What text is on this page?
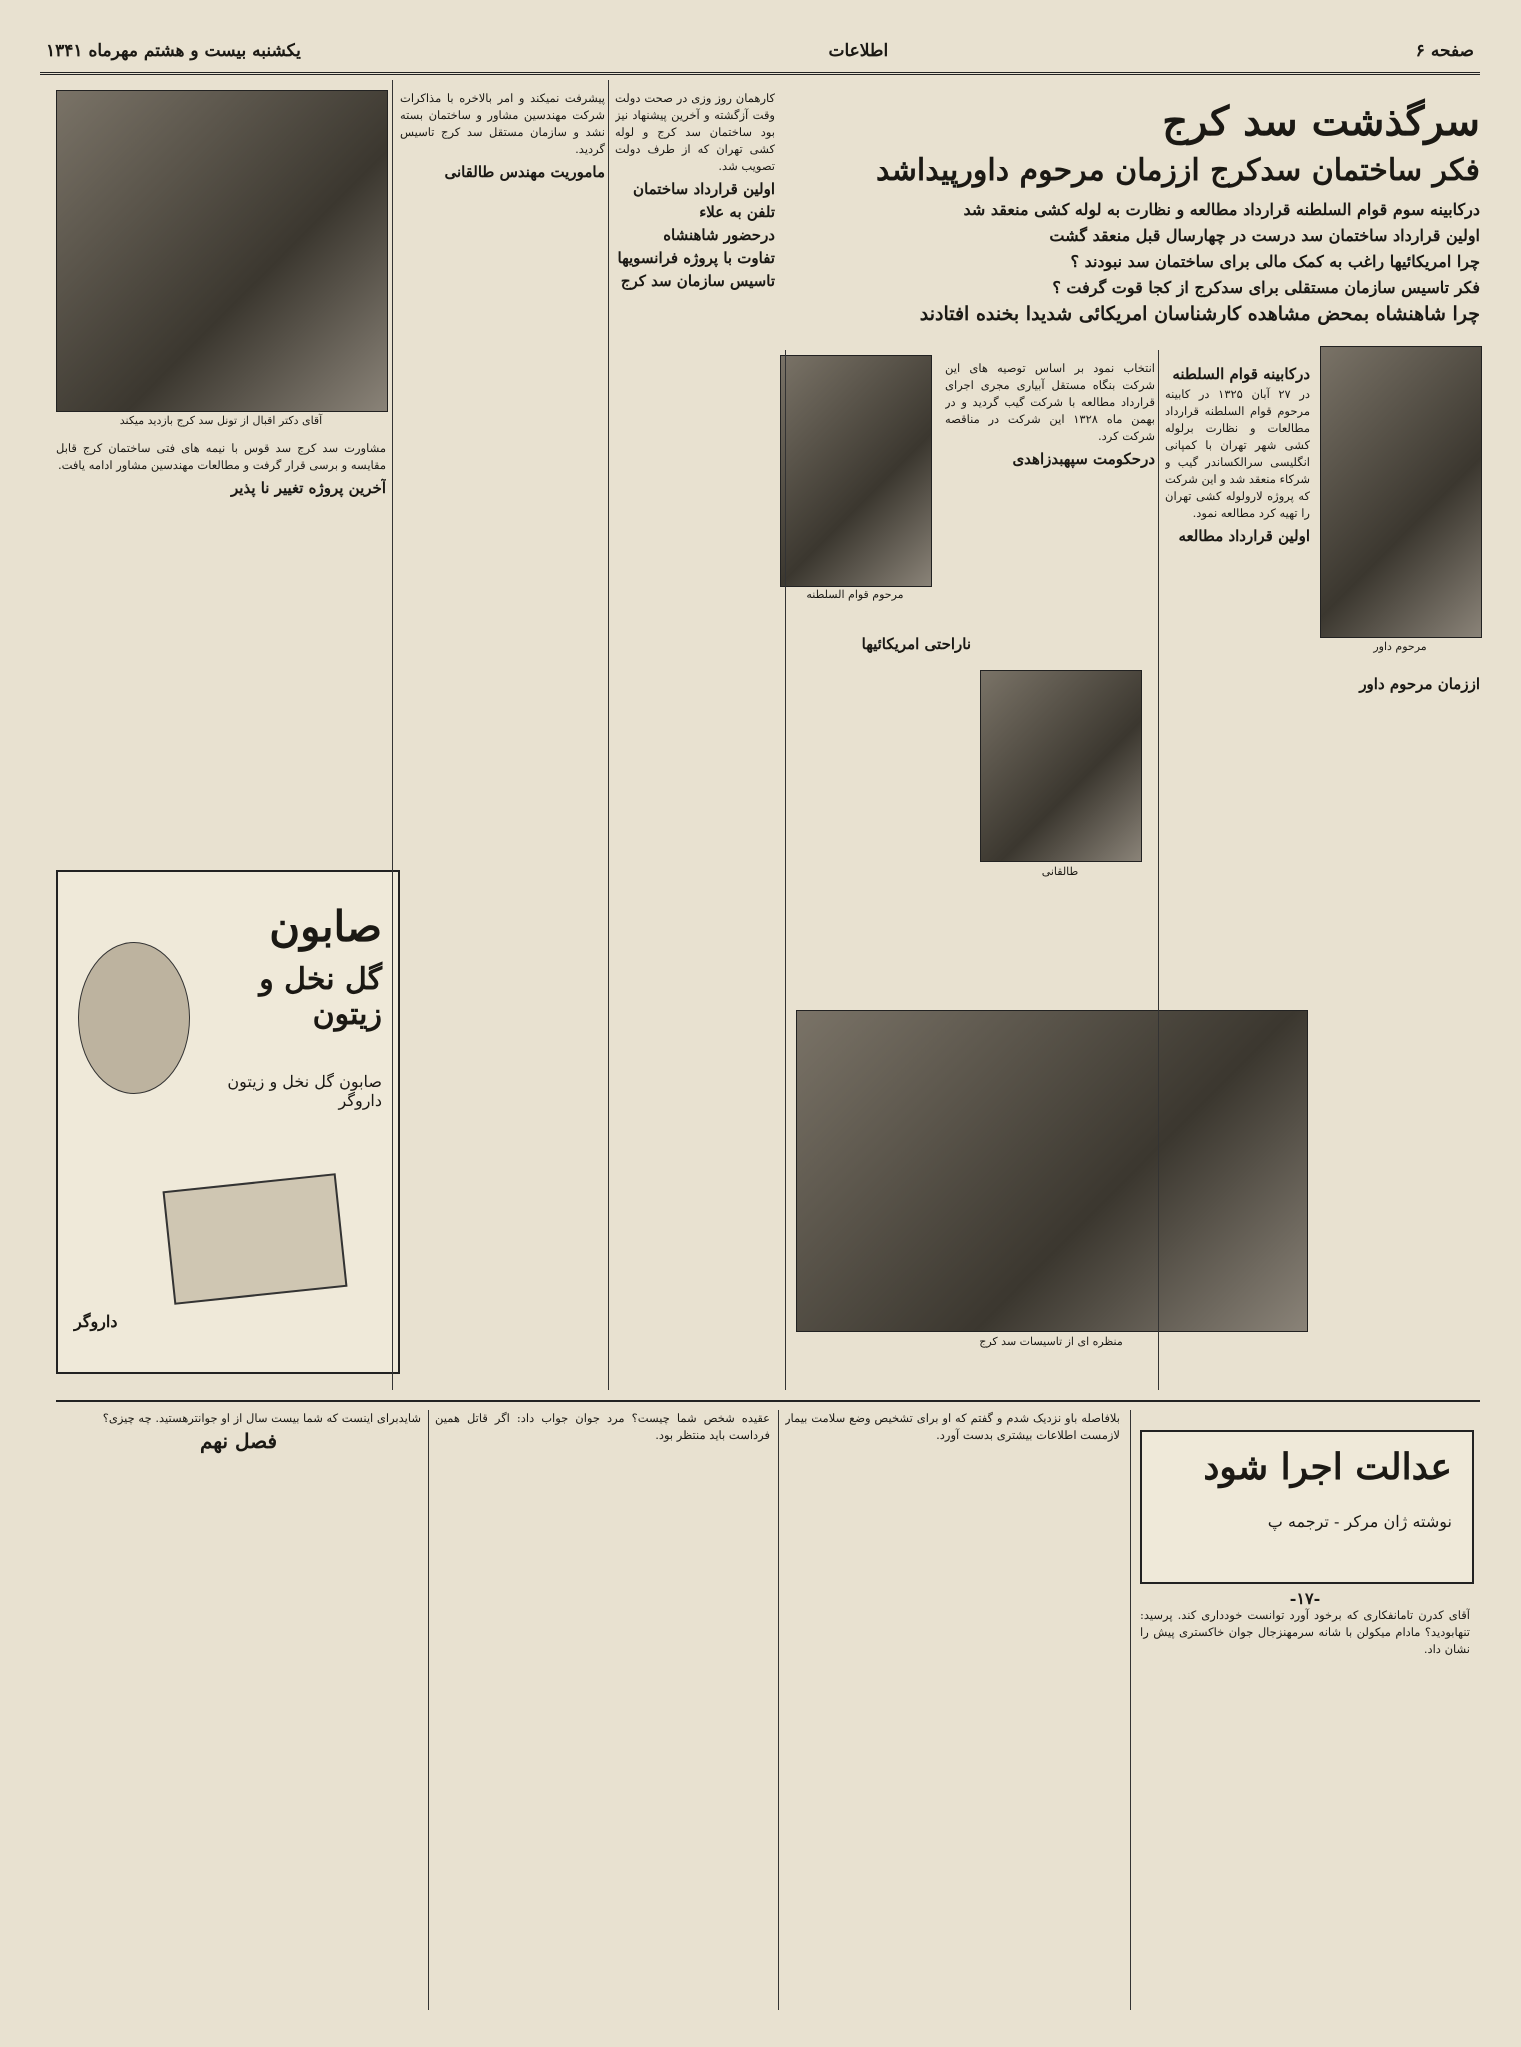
یکشنبه بیست و هشتم مهرماه ۱۳۴۱	اطلاعات	صفحه ۶
سرگذشت سد کرج
فکر ساختمان سدکرج اززمان مرحوم داورپیداشد
درکابینه سوم قوام السلطنه قرارداد مطالعه و نظارت به لوله کشی منعقد شد
اولین قرارداد ساختمان سد درست در چهارسال قبل منعقد گشت
چرا امریکائیها راغب به کمک مالی برای ساختمان سد نبودند ؟
فکر تاسیس سازمان مستقلی برای سدکرج از کجا قوت گرفت ؟
چرا شاهنشاه بمحض مشاهده کارشناسان امریکائی شدیدا بخنده افتادند
آقای دکتر اقبال از تونل سد کرج بازدید میکند
مرحوم داور
مرحوم قوام السلطنه
طالقانی
منظره ای از تاسیسات سد کرج
درکابینه قوام السلطنه
در ۲۷ آبان ۱۳۲۵ در کابینه مرحوم قوام السلطنه قرارداد مطالعات و نظارت برلوله کشی شهر تهران با کمپانی انگلیسی سرالکساندر گیب و شرکاء منعقد شد و این شرکت که پروژه لارولوله کشی تهران را تهیه کرد مطالعه نمود.
اولین قرارداد مطالعه
اززمان مرحوم داور
انتخاب نمود بر اساس توصیه های این شرکت بنگاه مستقل آبیاری مجری اجرای قرارداد مطالعه با شرکت گیب گردید و در بهمن ماه ۱۳۲۸ این شرکت در مناقصه شرکت کرد.
درحکومت سپهبدزاهدی
ناراحتی امریکائیها
کارهمان روز وزی در صحت دولت وقت آزگشته و آخرین پیشنهاد نیز بود ساختمان سد کرج و لوله کشی تهران که از طرف دولت تصویب شد.
اولین قرارداد ساختمان
تلفن به علاء
درحضور شاهنشاه
تفاوت با پروژه فرانسویها
تاسیس سازمان سد کرج
پیشرفت نمیکند و امر بالاخره با مذاکرات شرکت مهندسین مشاور و ساختمان بسته نشد و سازمان مستقل سد کرج تاسیس گردید.
ماموریت مهندس طالقانی
مشاورت سد کرج سد قوس با نیمه های فتی ساختمان کرج قابل مقایسه و برسی قرار گرفت و مطالعات مهندسین مشاور ادامه یافت.
آخرین پروژه تغییر نا پذیر
صابون
گل نخل و زیتون
صابون گل نخل و زیتون داروگر
داروگر
عدالت اجرا شود
نوشته ژان مرکر - ترجمه پ
-۱۷-
آقای کدرن تامانفکاری که برخود آورد توانست خودداری کند. پرسید: تنهابودید؟ مادام میکولن با شانه سرمهنزجال جوان خاکستری پیش را نشان داد.
بلافاصله باو نزدیک شدم و گفتم که او برای تشخیص وضع سلامت بیمار لازمست اطلاعات بیشتری بدست آورد.
عقیده شخص شما چیست؟ مرد جوان جواب داد: اگر قاتل همین فرداست باید منتظر بود.
شایدبرای اینست که شما بیست سال از او جوانترهستید. چه چیزی؟
فصل نهم
